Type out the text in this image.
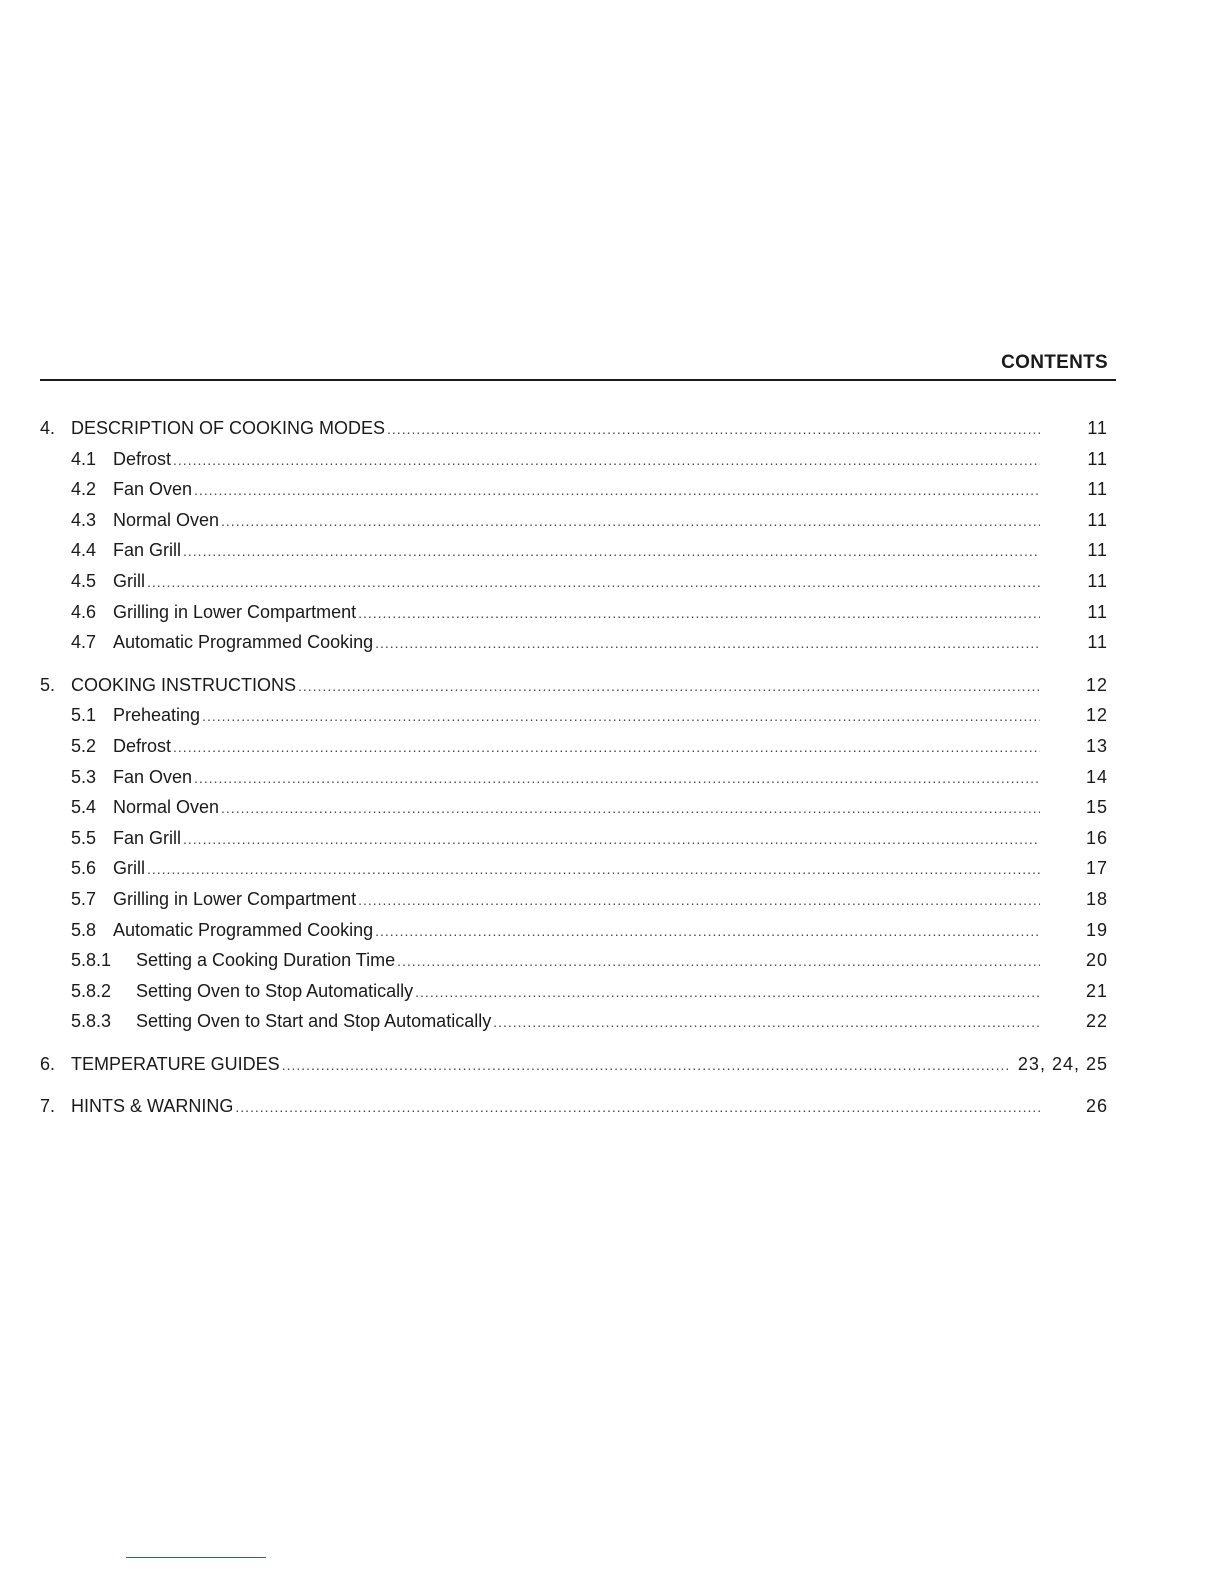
CONTENTS
4. DESCRIPTION OF COOKING MODES .....	11
4.1 Defrost .....	11
4.2 Fan Oven .....	11
4.3 Normal Oven .....	11
4.4 Fan Grill .....	11
4.5 Grill .....	11
4.6 Grilling in Lower Compartment .....	11
4.7 Automatic Programmed Cooking .....	11
5. COOKING INSTRUCTIONS .....	12
5.1 Preheating .....	12
5.2 Defrost .....	13
5.3 Fan Oven .....	14
5.4 Normal Oven .....	15
5.5 Fan Grill .....	16
5.6 Grill .....	17
5.7 Grilling in Lower Compartment .....	18
5.8 Automatic Programmed Cooking .....	19
5.8.1	Setting a Cooking Duration Time .....	20
5.8.2	Setting Oven to Stop Automatically .....	21
5.8.3	Setting Oven to Start and Stop Automatically .....	22
6. TEMPERATURE GUIDES .....	23, 24, 25
7. HINTS & WARNING .....	26
